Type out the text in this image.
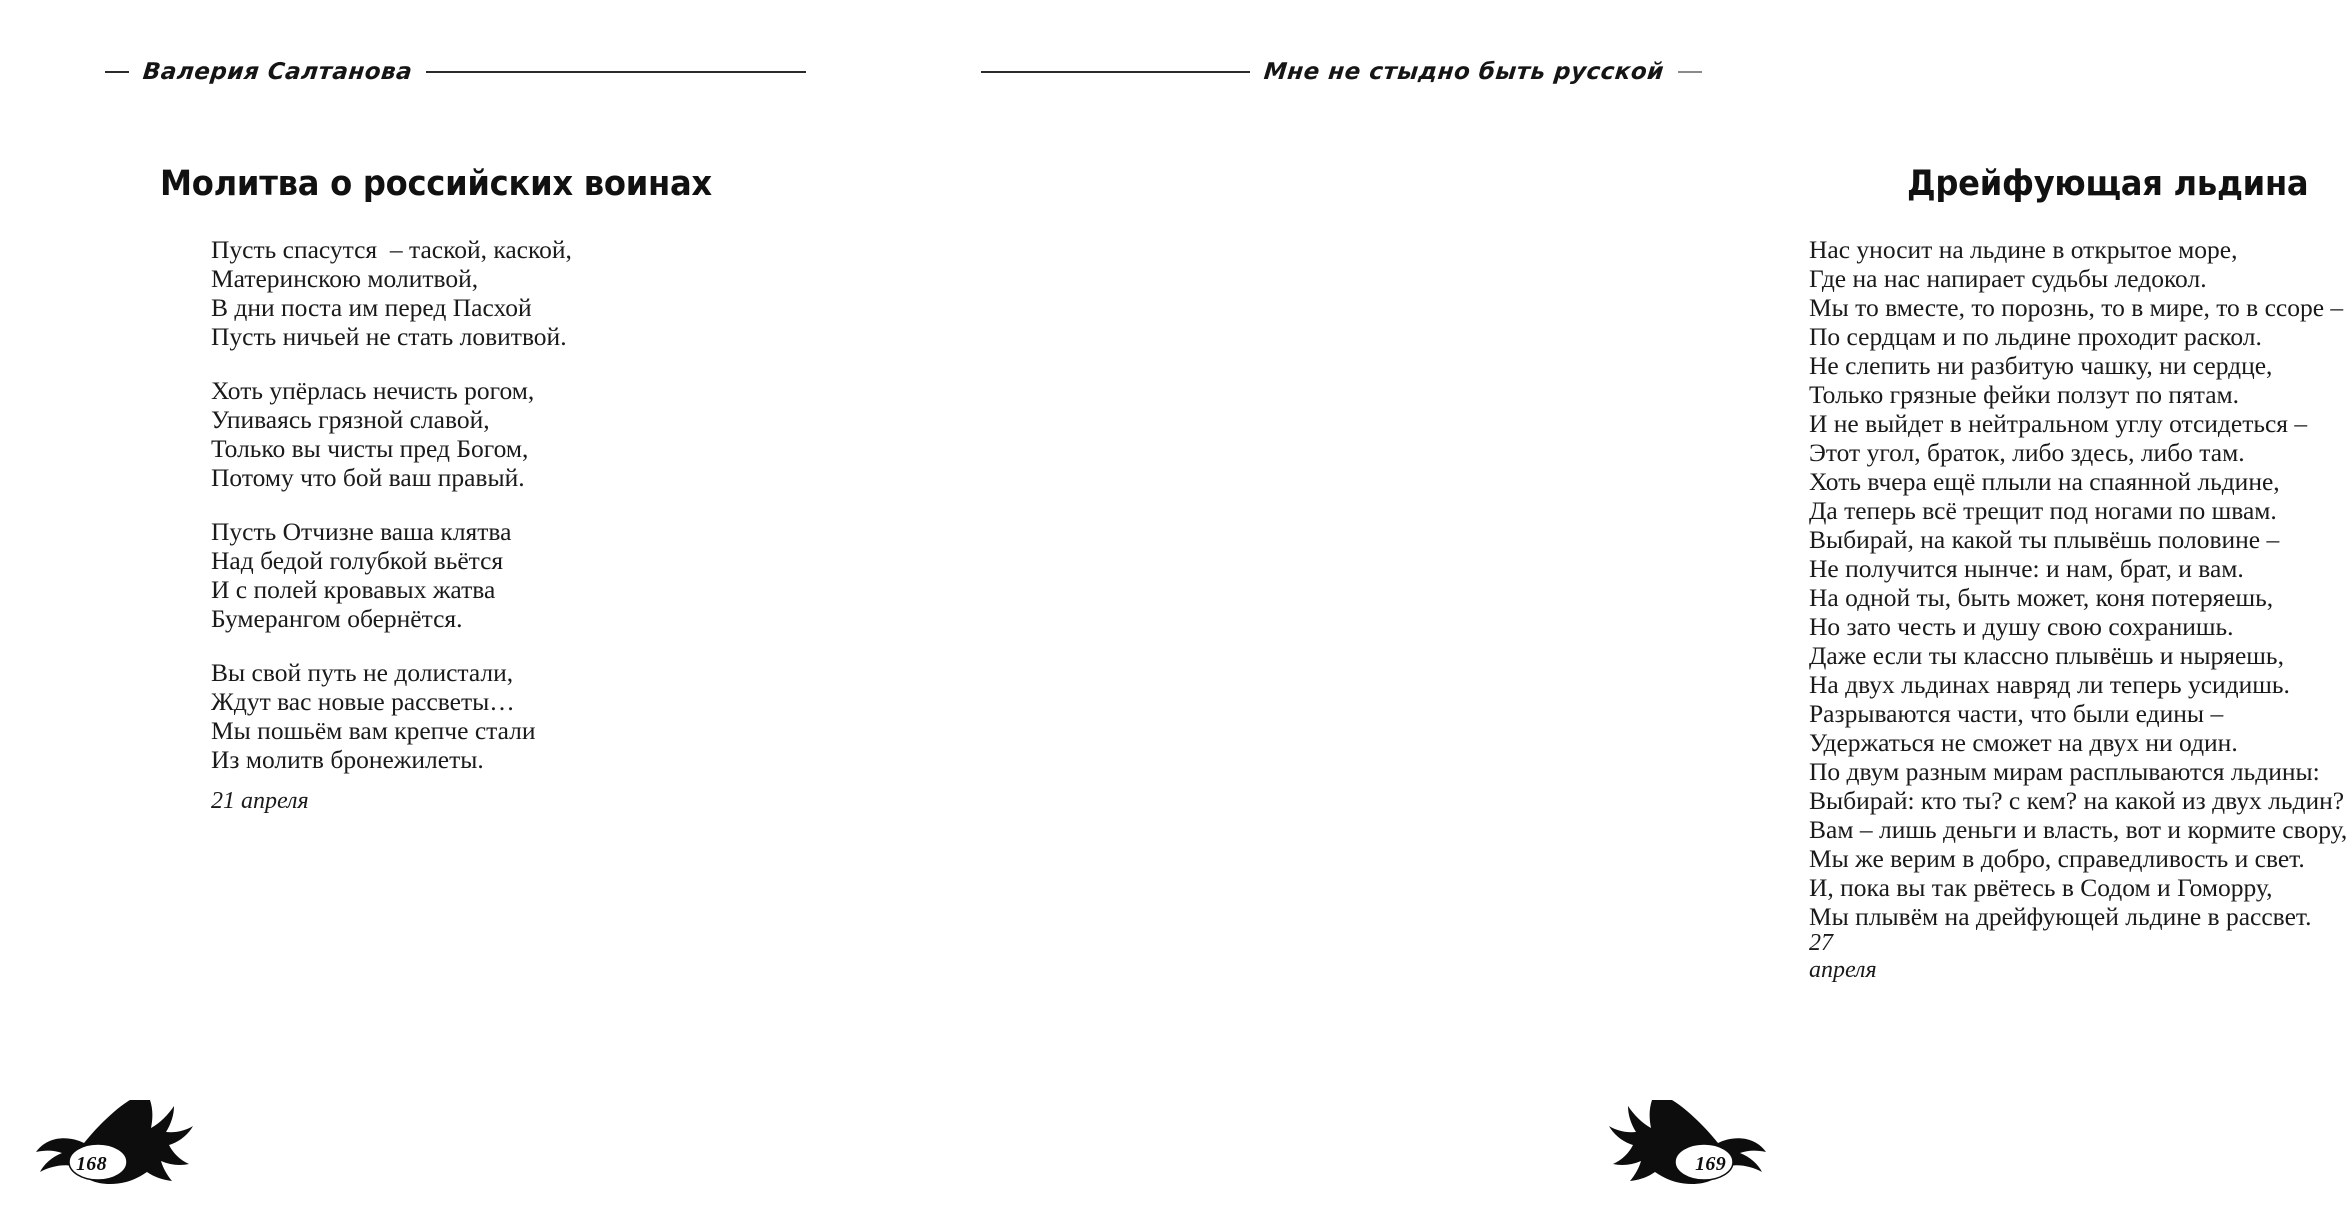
Валерия Салтанова
Молитва о российских воинах
Пусть спасутся  – таской, каской,
Материнскою молитвой,
В дни поста им перед Пасхой
Пусть ничьей не стать ловитвой.
Хоть упёрлась нечисть рогом,
Упиваясь грязной славой,
Только вы чисты пред Богом,
Потому что бой ваш правый.
Пусть Отчизне ваша клятва
Над бедой голубкой вьётся
И с полей кровавых жатва
Бумерангом обернётся.
Вы свой путь не долистали,
Ждут вас новые рассветы…
Мы пошьём вам крепче стали
Из молитв бронежилеты.
21 апреля
168
Мне не стыдно быть русской
Дрейфующая льдина
Нас уносит на льдине в открытое море,
Где на нас напирает судьбы ледокол.
Мы то вместе, то порознь, то в мире, то в ссоре –
По сердцам и по льдине проходит раскол.
Не слепить ни разбитую чашку, ни сердце,
Только грязные фейки ползут по пятам.
И не выйдет в нейтральном углу отсидеться –
Этот угол, браток, либо здесь, либо там.
Хоть вчера ещё плыли на спаянной льдине,
Да теперь всё трещит под ногами по швам.
Выбирай, на какой ты плывёшь половине –
Не получится нынче: и нам, брат, и вам.
На одной ты, быть может, коня потеряешь,
Но зато честь и душу свою сохранишь.
Даже если ты классно плывёшь и ныряешь,
На двух льдинах навряд ли теперь усидишь.
Разрываются части, что были едины –
Удержаться не сможет на двух ни один.
По двум разным мирам расплываются льдины:
Выбирай: кто ты? с кем? на какой из двух льдин?
Вам – лишь деньги и власть, вот и кормите свору,
Мы же верим в добро, справедливость и свет.
И, пока вы так рвётесь в Содом и Гоморру,
Мы плывём на дрейфующей льдине в рассвет.
27 апреля
169
